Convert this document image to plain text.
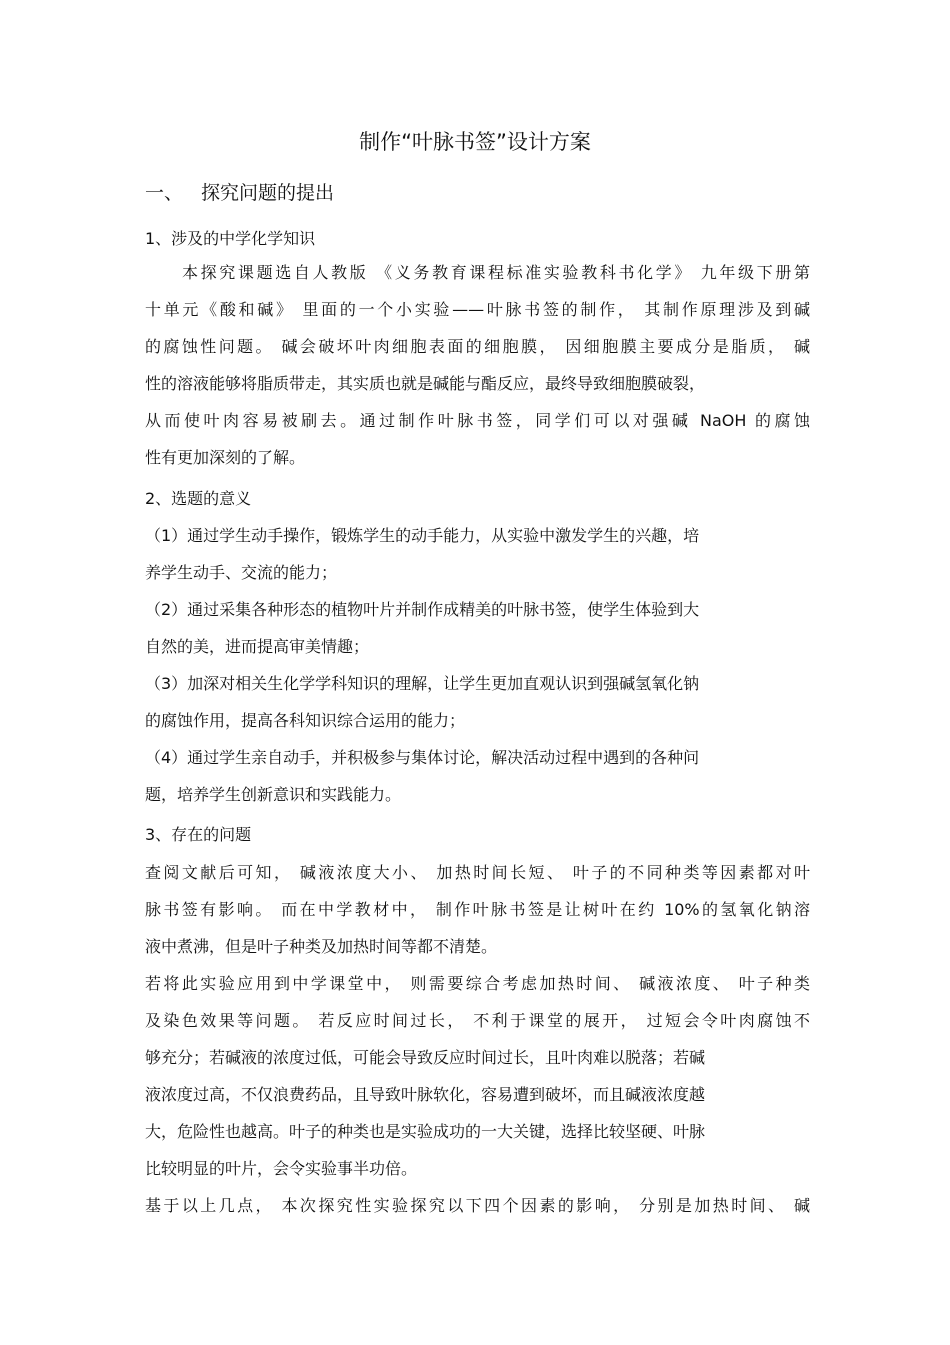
制作“叶脉书签”设计方案
一、 探究问题的提出
1、涉及的中学化学知识
本探究课题选自人教版 《义务教育课程标准实验教科书化学》 九年级下册第
十单元《酸和碱》 里面的一个小实验——叶脉书签的制作， 其制作原理涉及到碱
的腐蚀性问题。 碱会破坏叶肉细胞表面的细胞膜， 因细胞膜主要成分是脂质， 碱
性的溶液能够将脂质带走，其实质也就是碱能与酯反应，最终导致细胞膜破裂，
从而使叶肉容易被刷去。通过制作叶脉书签，同学们可以对强碱 NaOH 的腐蚀
性有更加深刻的了解。
2、选题的意义
（1）通过学生动手操作，锻炼学生的动手能力，从实验中激发学生的兴趣，培
养学生动手、交流的能力；
（2）通过采集各种形态的植物叶片并制作成精美的叶脉书签，使学生体验到大
自然的美，进而提高审美情趣；
（3）加深对相关生化学学科知识的理解，让学生更加直观认识到强碱氢氧化钠
的腐蚀作用，提高各科知识综合运用的能力；
（4）通过学生亲自动手，并积极参与集体讨论，解决活动过程中遇到的各种问
题，培养学生创新意识和实践能力。
3、存在的问题
查阅文献后可知， 碱液浓度大小、 加热时间长短、 叶子的不同种类等因素都对叶
脉书签有影响。 而在中学教材中， 制作叶脉书签是让树叶在约 10%的氢氧化钠溶
液中煮沸，但是叶子种类及加热时间等都不清楚。
若将此实验应用到中学课堂中， 则需要综合考虑加热时间、 碱液浓度、 叶子种类
及染色效果等问题。 若反应时间过长， 不利于课堂的展开， 过短会令叶肉腐蚀不
够充分；若碱液的浓度过低，可能会导致反应时间过长，且叶肉难以脱落；若碱
液浓度过高，不仅浪费药品，且导致叶脉软化，容易遭到破坏，而且碱液浓度越
大，危险性也越高。叶子的种类也是实验成功的一大关键，选择比较坚硬、叶脉
比较明显的叶片，会令实验事半功倍。
基于以上几点， 本次探究性实验探究以下四个因素的影响， 分别是加热时间、 碱
